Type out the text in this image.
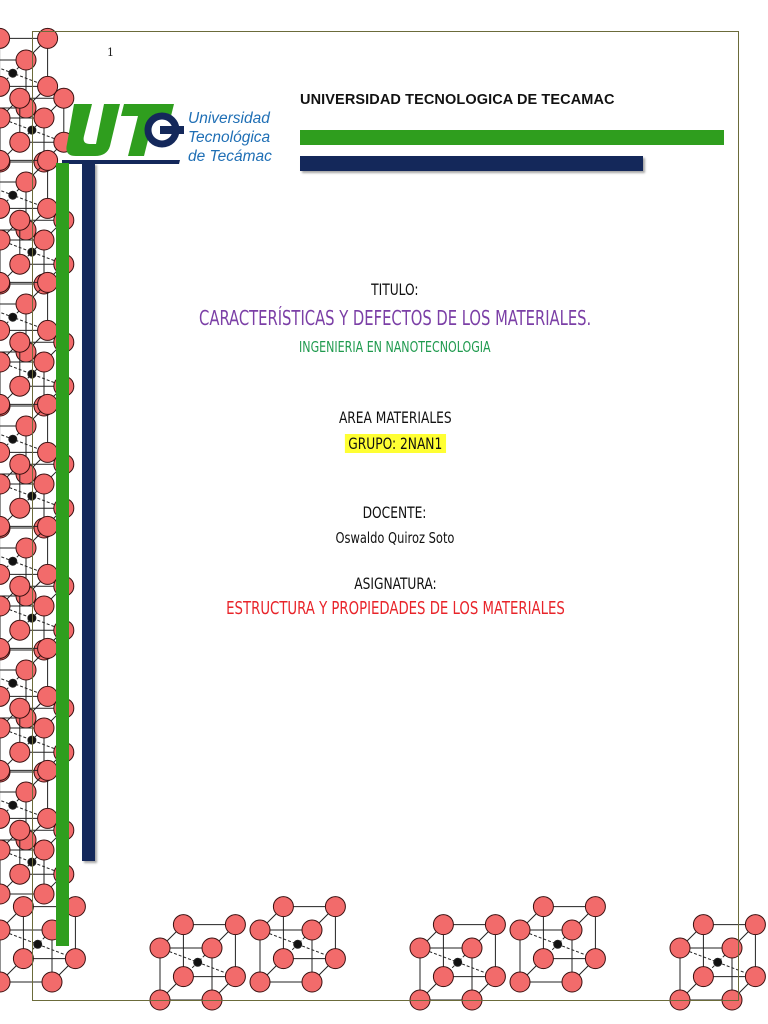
1
Universidad
Tecnológica
de Tecámac
UNIVERSIDAD TECNOLOGICA DE TECAMAC
TITULO:
CARACTERÍSTICAS Y DEFECTOS DE LOS MATERIALES.
INGENIERIA EN NANOTECNOLOGIA
AREA MATERIALES
GRUPO: 2NAN1
DOCENTE:
Oswaldo Quiroz Soto
ASIGNATURA:
ESTRUCTURA Y PROPIEDADES DE LOS MATERIALES
